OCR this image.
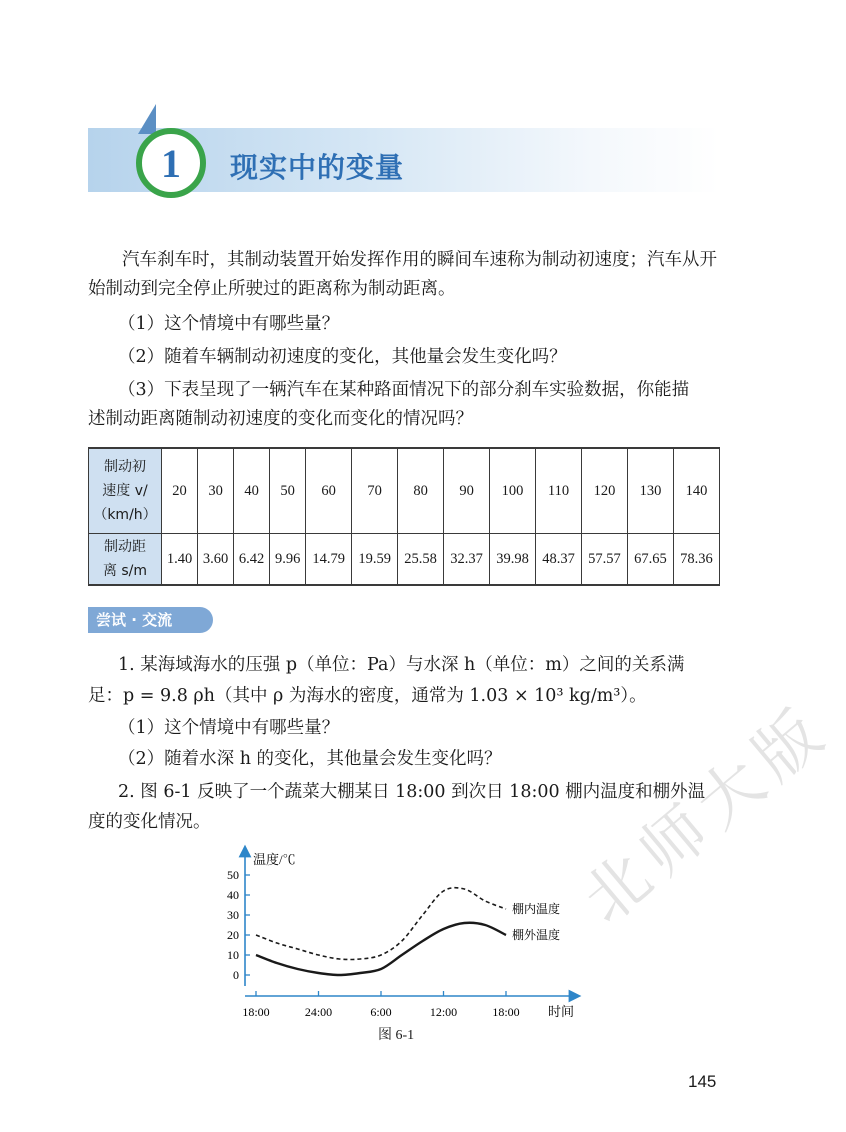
1 现实中的变量
汽车刹车时，其制动装置开始发挥作用的瞬间车速称为制动初速度；汽车从开始制动到完全停止所驶过的距离称为制动距离。
（1）这个情境中有哪些量？
（2）随着车辆制动初速度的变化，其他量会发生变化吗？
（3）下表呈现了一辆汽车在某种路面情况下的部分刹车实验数据，你能描
述制动距离随制动初速度的变化而变化的情况吗？
制动初
速度 v/
（km/h）	20	30	40	50	60	70	80	90	100	110	120	130	140

制动距
离 s/m	1.40	3.60	6.42	9.96	14.79	19.59	25.58	32.37	39.98	48.37	57.57	67.65	78.36
尝试 · 交流
1. 某海域海水的压强 p（单位：Pa）与水深 h（单位：m）之间的关系满
足：p = 9.8 ρh（其中 ρ 为海水的密度，通常为 1.03 × 10³ kg/m³）。
（1）这个情境中有哪些量？
（2）随着水深 h 的变化，其他量会发生变化吗？
2. 图 6-1 反映了一个蔬菜大棚某日 18:00 到次日 18:00 棚内温度和棚外温
度的变化情况。
温度/℃
时间
50
40
30
20
10
0
18:00	24:00	6:00	12:00	18:00
棚内温度
棚外温度
图 6-1
北师大版
145
